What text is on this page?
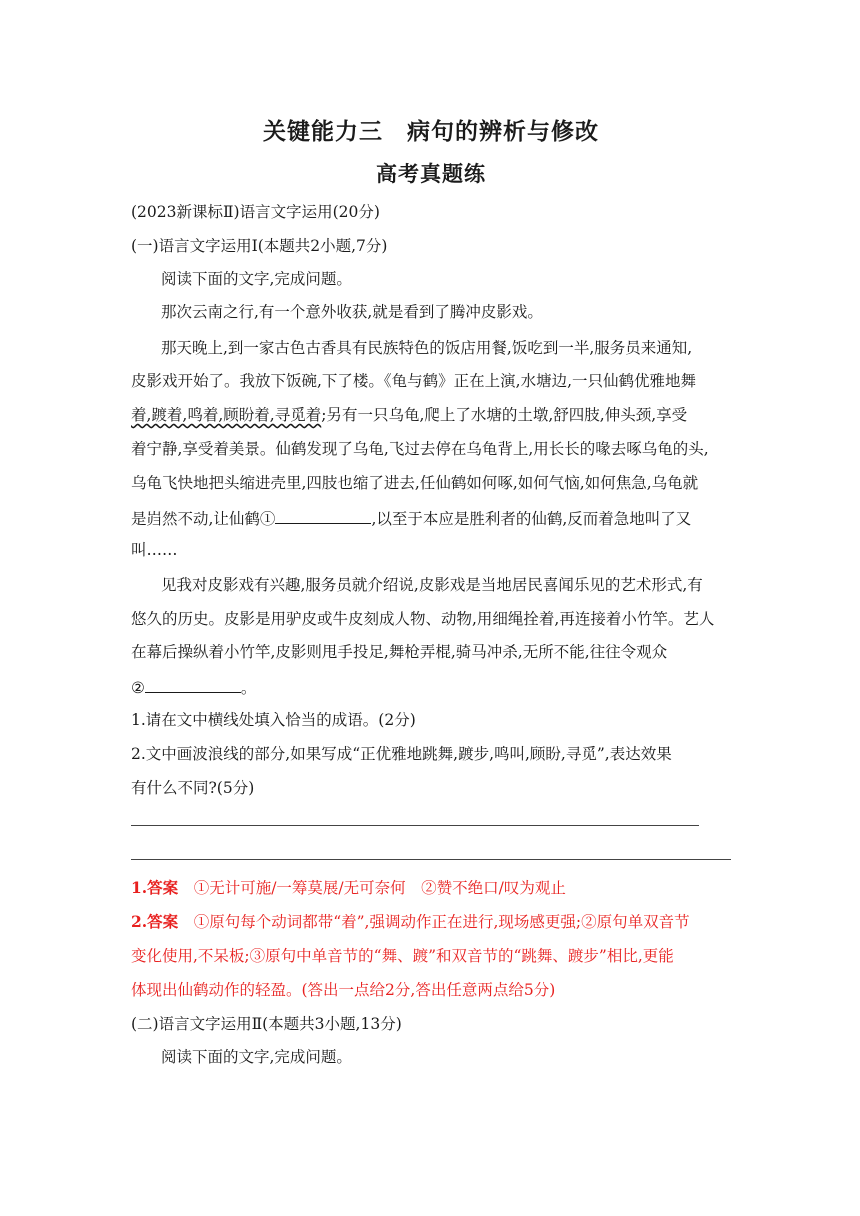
关键能力三　病句的辨析与修改
高考真题练
(2023新课标Ⅱ)语言文字运用(20分)
(一)语言文字运用Ⅰ(本题共2小题,7分)
阅读下面的文字,完成问题。
那次云南之行,有一个意外收获,就是看到了腾冲皮影戏。
那天晚上,到一家古色古香具有民族特色的饭店用餐,饭吃到一半,服务员来通知,
皮影戏开始了。我放下饭碗,下了楼。《龟与鹤》正在上演,水塘边,一只仙鹤优雅地舞
着,踱着,鸣着,顾盼着,寻觅着;另有一只乌龟,爬上了水塘的土墩,舒四肢,伸头颈,享受
着宁静,享受着美景。仙鹤发现了乌龟,飞过去停在乌龟背上,用长长的喙去啄乌龟的头,
乌龟飞快地把头缩进壳里,四肢也缩了进去,任仙鹤如何啄,如何气恼,如何焦急,乌龟就
是岿然不动,让仙鹤①	,以至于本应是胜利者的仙鹤,反而着急地叫了又
叫……
见我对皮影戏有兴趣,服务员就介绍说,皮影戏是当地居民喜闻乐见的艺术形式,有
悠久的历史。皮影是用驴皮或牛皮刻成人物、动物,用细绳拴着,再连接着小竹竿。艺人
在幕后操纵着小竹竿,皮影则甩手投足,舞枪弄棍,骑马冲杀,无所不能,往往令观众
②	。
1.请在文中横线处填入恰当的成语。(2分)
2.文中画波浪线的部分,如果写成“正优雅地跳舞,踱步,鸣叫,顾盼,寻觅”,表达效果
有什么不同?(5分)
1.答案　 ①无计可施/一筹莫展/无可奈何　②赞不绝口/叹为观止
2.答案　 ①原句每个动词都带“着”,强调动作正在进行,现场感更强;②原句单双音节
变化使用,不呆板;③原句中单音节的“舞、踱”和双音节的“跳舞、踱步”相比,更能
体现出仙鹤动作的轻盈。(答出一点给2分,答出任意两点给5分)
(二)语言文字运用Ⅱ(本题共3小题,13分)
阅读下面的文字,完成问题。
